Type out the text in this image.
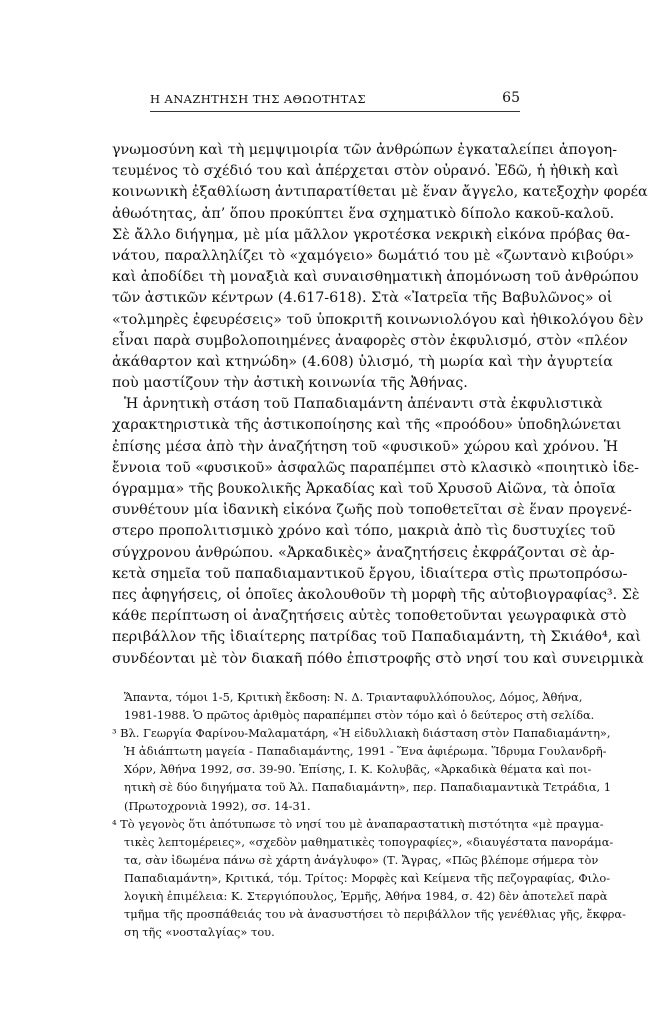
Η ΑΝΑΖΗΤΗΣΗ ΤΗΣ ΑΘΩΟΤΗΤΑΣ	65
γνωμοσύνη καὶ τὴ μεμψιμοιρία τῶν ἀνθρώπων ἐγκαταλείπει ἀπογοη-
τευμένος τὸ σχέδιό του καὶ ἀπέρχεται στὸν οὐρανό. Ἐδῶ, ἡ ἠθικὴ καὶ
κοινωνικὴ ἐξαθλίωση ἀντιπαρατίθεται μὲ ἕναν ἄγγελο, κατεξοχὴν φορέα
ἀθωότητας, ἀπ’ ὅπου προκύπτει ἕνα σχηματικὸ δίπολο κακοῦ-καλοῦ.
Σὲ ἄλλο διήγημα, μὲ μία μᾶλλον γκροτέσκα νεκρικὴ εἰκόνα πρόβας θα-
νάτου, παραλληλίζει τὸ «χαμόγειο» δωμάτιό του μὲ «ζωντανὸ κιβούρι»
καὶ ἀποδίδει τὴ μοναξιὰ καὶ συναισθηματικὴ ἀπομόνωση τοῦ ἀνθρώπου
τῶν ἀστικῶν κέντρων (4.617-618). Στὰ «Ἰατρεῖα τῆς Βαβυλῶνος» οἱ
«τολμηρὲς ἐφευρέσεις» τοῦ ὑποκριτῆ κοινωνιολόγου καὶ ἠθικολόγου δὲν
εἶναι παρὰ συμβολοποιημένες ἀναφορὲς στὸν ἐκφυλισμό, στὸν «πλέον
ἀκάθαρτον καὶ κτηνώδη» (4.608) ὑλισμό, τὴ μωρία καὶ τὴν ἀγυρτεία
ποὺ μαστίζουν τὴν ἀστικὴ κοινωνία τῆς Ἀθήνας.
Ἡ ἀρνητικὴ στάση τοῦ Παπαδιαμάντη ἀπέναντι στὰ ἐκφυλιστικὰ
χαρακτηριστικὰ τῆς ἀστικοποίησης καὶ τῆς «προόδου» ὑποδηλώνεται
ἐπίσης μέσα ἀπὸ τὴν ἀναζήτηση τοῦ «φυσικοῦ» χώρου καὶ χρόνου. Ἡ
ἔννοια τοῦ «φυσικοῦ» ἀσφαλῶς παραπέμπει στὸ κλασικὸ «ποιητικὸ ἰδε-
όγραμμα» τῆς βουκολικῆς Ἀρκαδίας καὶ τοῦ Χρυσοῦ Αἰῶνα, τὰ ὁποῖα
συνθέτουν μία ἰδανικὴ εἰκόνα ζωῆς ποὺ τοποθετεῖται σὲ ἕναν προγενέ-
στερο προπολιτισμικὸ χρόνο καὶ τόπο, μακριὰ ἀπὸ τὶς δυστυχίες τοῦ
σύγχρονου ἀνθρώπου. «Ἀρκαδικὲς» ἀναζητήσεις ἐκφράζονται σὲ ἀρ-
κετὰ σημεῖα τοῦ παπαδιαμαντικοῦ ἔργου, ἰδιαίτερα στὶς πρωτοπρόσω-
πες ἀφηγήσεις, οἱ ὁποῖες ἀκολουθοῦν τὴ μορφὴ τῆς αὐτοβιογραφίας³. Σὲ
κάθε περίπτωση οἱ ἀναζητήσεις αὐτὲς τοποθετοῦνται γεωγραφικὰ στὸ
περιβάλλον τῆς ἰδιαίτερης πατρίδας τοῦ Παπαδιαμάντη, τὴ Σκιάθο⁴, καὶ
συνδέονται μὲ τὸν διακαῆ πόθο ἐπιστροφῆς στὸ νησί του καὶ συνειρμικὰ
Ἅπαντα, τόμοι 1-5, Κριτικὴ ἔκδοση: Ν. Δ. Τριανταφυλλόπουλος, Δόμος, Ἀθήνα,
1981-1988. Ὁ πρῶτος ἀριθμὸς παραπέμπει στὸν τόμο καὶ ὁ δεύτερος στὴ σελίδα.
³ Βλ. Γεωργία Φαρίνου-Μαλαματάρη, «Ἡ εἰδυλλιακὴ διάσταση στὸν Παπαδιαμάντη»,
Ἡ ἀδιάπτωτη μαγεία - Παπαδιαμάντης, 1991 - Ἕνα ἀφιέρωμα. Ἵδρυμα Γουλανδρῆ-
Χόρν, Ἀθήνα 1992, σσ. 39-90. Ἐπίσης, Ι. Κ. Κολυβᾶς, «Ἀρκαδικὰ θέματα καὶ ποι-
ητικὴ σὲ δύο διηγήματα τοῦ Ἀλ. Παπαδιαμάντη», περ. Παπαδιαμαντικὰ Τετράδια, 1
(Πρωτοχρονιὰ 1992), σσ. 14-31.
⁴ Τὸ γεγονὸς ὅτι ἀπότυπωσε τὸ νησί του μὲ ἀναπαραστατικὴ πιστότητα «μὲ πραγμα-
τικὲς λεπτομέρειες», «σχεδὸν μαθηματικὲς τοπογραφίες», «διαυγέστατα πανοράμα-
τα, σὰν ἰδωμένα πάνω σὲ χάρτη ἀνάγλυφο» (Τ. Ἄγρας, «Πῶς βλέπομε σήμερα τὸν
Παπαδιαμάντη», Κριτικά, τόμ. Τρίτος: Μορφὲς καὶ Κείμενα τῆς πεζογραφίας, Φιλο-
λογικὴ ἐπιμέλεια: Κ. Στεργιόπουλος, Ἑρμῆς, Ἀθήνα 1984, σ. 42) δὲν ἀποτελεῖ παρὰ
τμῆμα τῆς προσπάθειάς του νὰ ἀνασυστήσει τὸ περιβάλλον τῆς γενέθλιας γῆς, ἔκφρα-
ση τῆς «νοσταλγίας» του.
